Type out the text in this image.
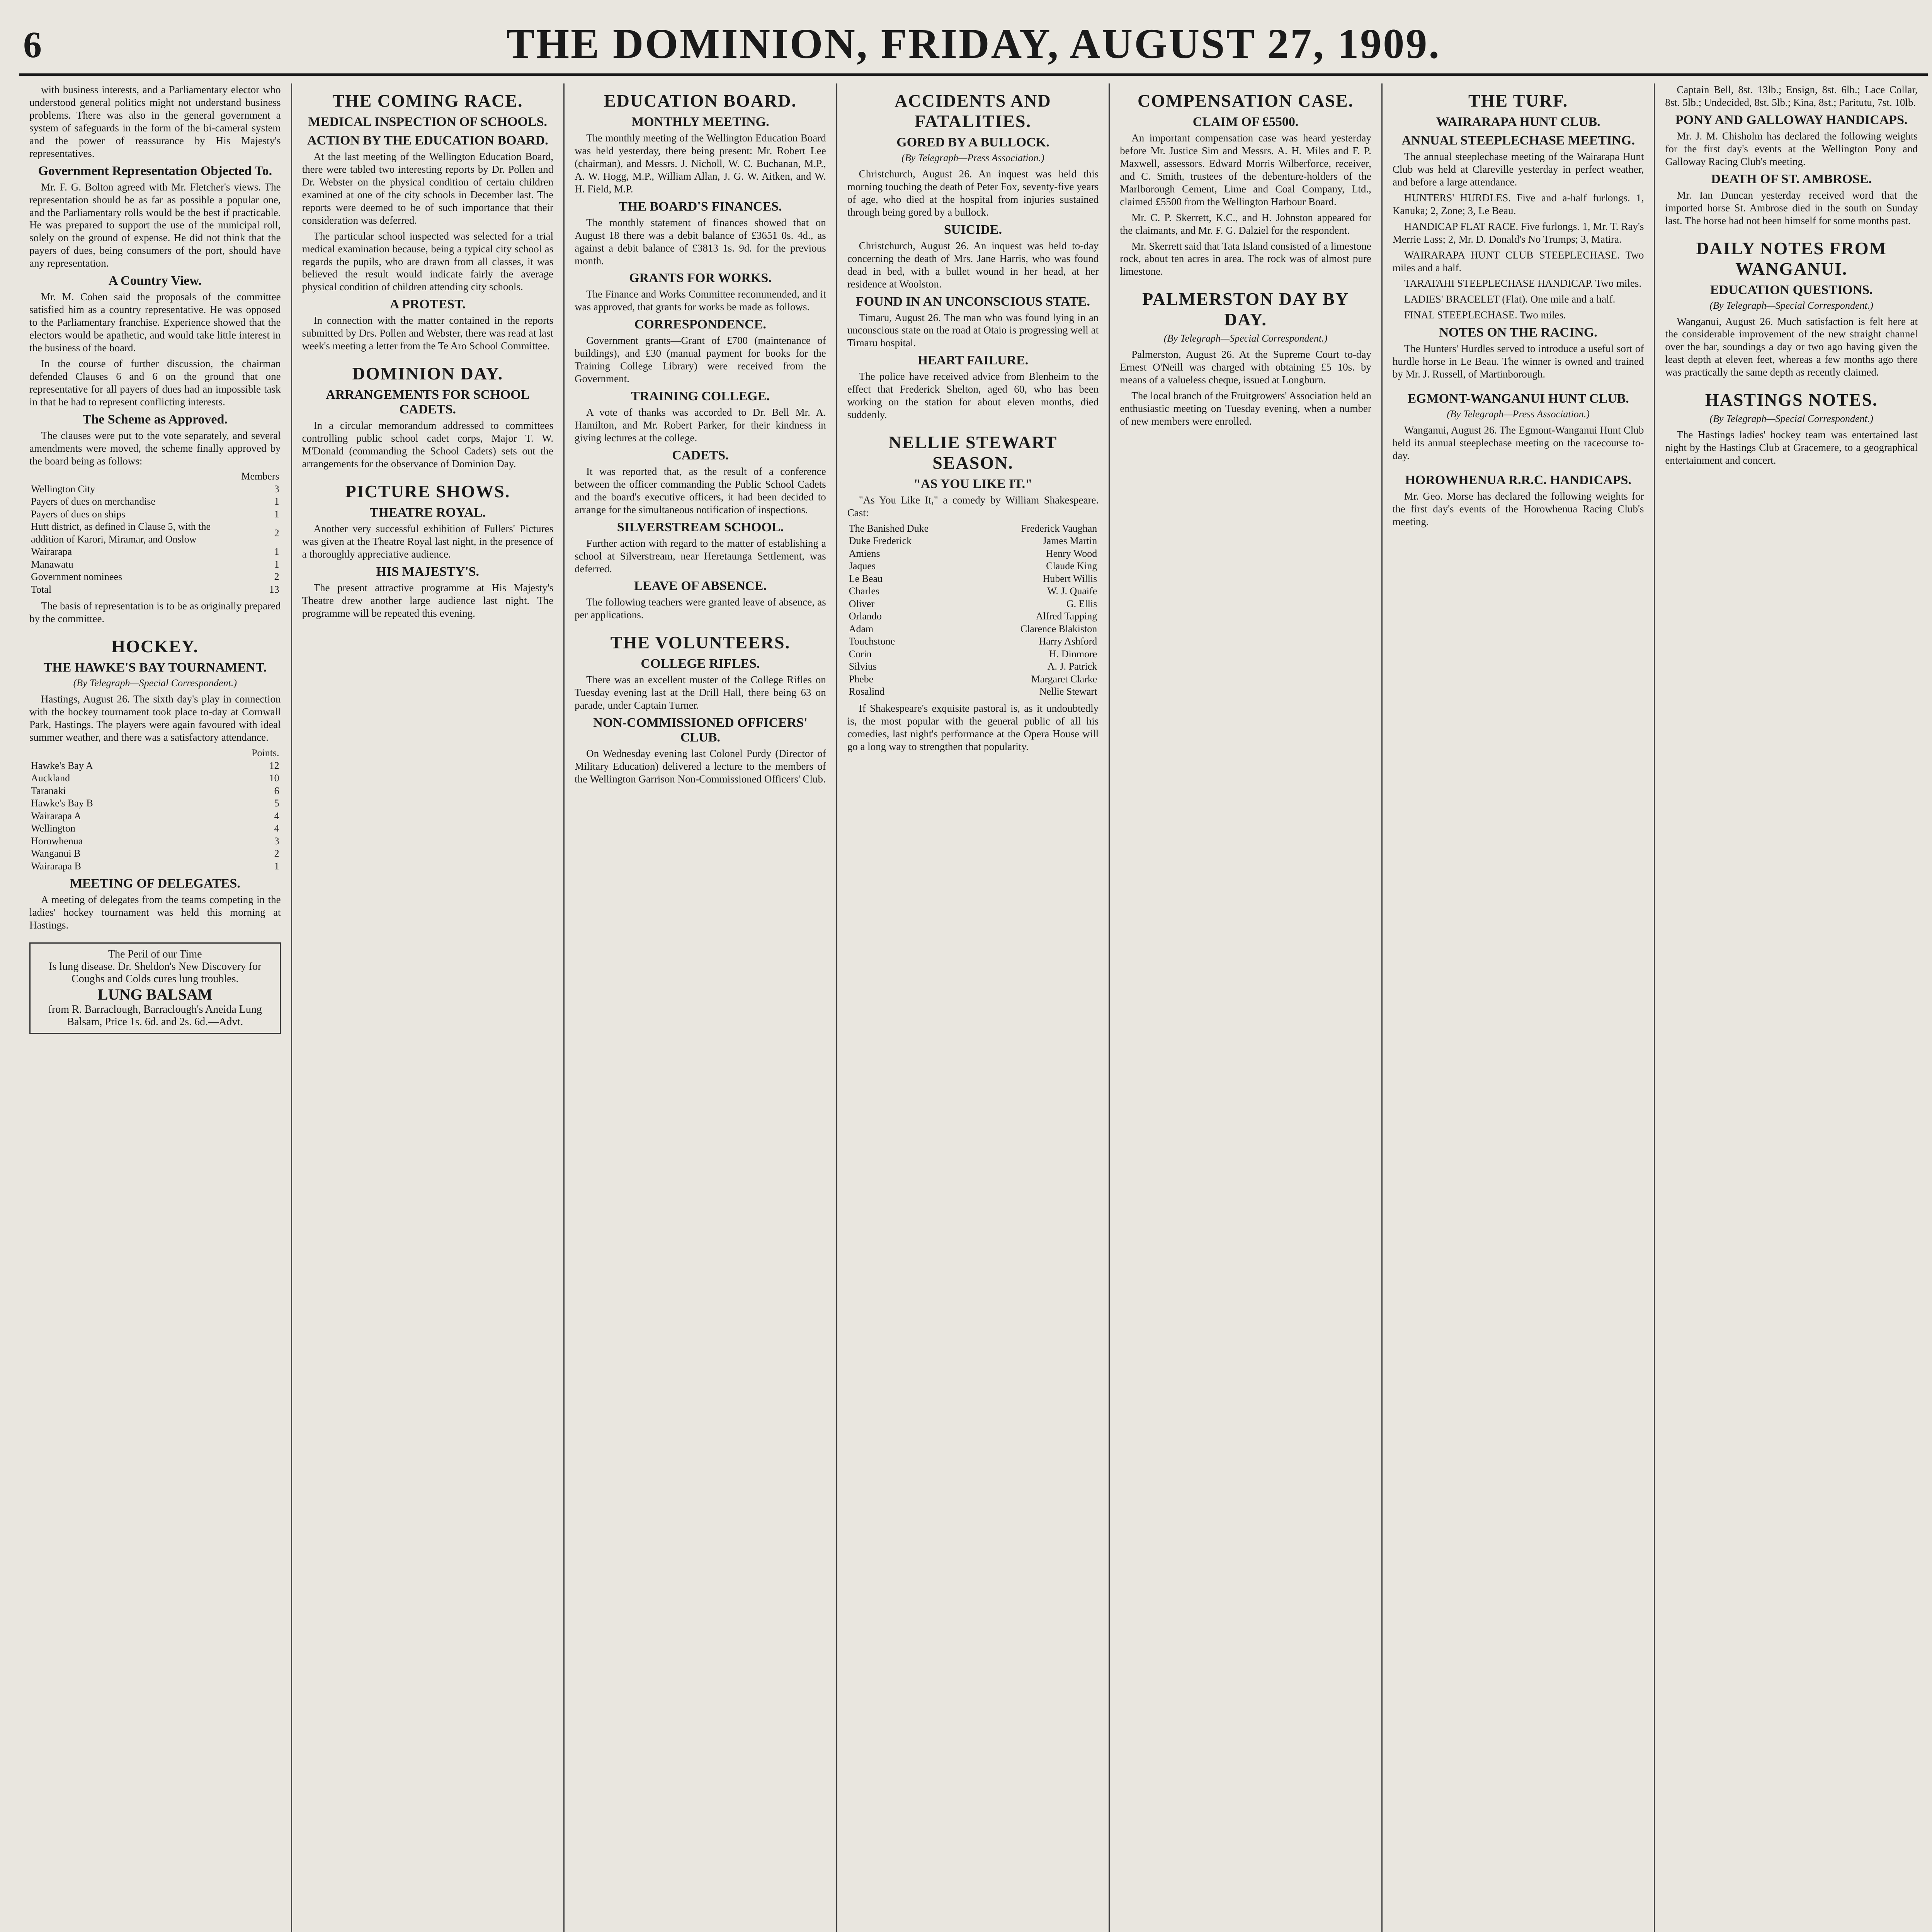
6	THE DOMINION, FRIDAY, AUGUST 27, 1909.

with business interests, and a Parliamentary elector who understood general politics might not understand business problems. There was also in the general government a system of safeguards in the form of the bi-cameral system and the power of reassurance by His Majesty's representatives.

Government Representation Objected To.

Mr. F. G. Bolton agreed with Mr. Fletcher's views. The representation should be as far as possible a popular one, and the Parliamentary rolls would be the best if practicable. He was prepared to support the use of the municipal roll, solely on the ground of expense. He did not think that the payers of dues, being consumers of the port, should have any representation.

A Country View.

Mr. M. Cohen said the proposals of the committee satisfied him as a country representative. He was opposed to the Parliamentary franchise. Experience showed that the electors would be apathetic, and would take little interest in the business of the board.

In the course of further discussion, the chairman defended Clauses 6 and 6 on the ground that one representative for all payers of dues had an impossible task in that he had to represent conflicting interests.

The Scheme as Approved.

The clauses were put to the vote separately, and several amendments were moved, the scheme finally approved by the board being as follows:

	Members
Wellington City	3
Payers of dues on merchandise	1
Payers of dues on ships	1
Hutt district, as defined in Clause 5, with the addition of Karori, Miramar, and Onslow	2
Wairarapa	1
Manawatu	1
Government nominees	2
Total	13

The basis of representation is to be as originally prepared by the committee.

HOCKEY.
THE HAWKE'S BAY TOURNAMENT.
(By Telegraph—Special Correspondent.)

Hastings, August 26. The sixth day's play in connection with the hockey tournament took place to-day at Cornwall Park, Hastings. The players were again favoured with ideal summer weather, and there was a satisfactory attendance.

	Points.
Hawke's Bay A	12
Auckland	10
Taranaki	6
Hawke's Bay B	5
Wairarapa A	4
Wellington	4
Horowhenua	3
Wanganui B	2
Wairarapa B	1
MEETING OF DELEGATES.

A meeting of delegates from the teams competing in the ladies' hockey tournament was held this morning at Hastings.

The Peril of our Time
Is lung disease. Dr. Sheldon's New Discovery for Coughs and Colds cures lung troubles.
LUNG BALSAM
from R. Barraclough, Barraclough's Aneida Lung Balsam, Price 1s. 6d. and 2s. 6d.—Advt.
THE COMING RACE.
MEDICAL INSPECTION OF SCHOOLS.
ACTION BY THE EDUCATION BOARD.

At the last meeting of the Wellington Education Board, there were tabled two interesting reports by Dr. Pollen and Dr. Webster on the physical condition of certain children examined at one of the city schools in December last. The reports were deemed to be of such importance that their consideration was deferred.

The particular school inspected was selected for a trial medical examination because, being a typical city school as regards the pupils, who are drawn from all classes, it was believed the result would indicate fairly the average physical condition of children attending city schools.

A PROTEST.

In connection with the matter contained in the reports submitted by Drs. Pollen and Webster, there was read at last week's meeting a letter from the Te Aro School Committee.

DOMINION DAY.
ARRANGEMENTS FOR SCHOOL CADETS.

In a circular memorandum addressed to committees controlling public school cadet corps, Major T. W. M'Donald (commanding the School Cadets) sets out the arrangements for the observance of Dominion Day.

PICTURE SHOWS.
THEATRE ROYAL.

Another very successful exhibition of Fullers' Pictures was given at the Theatre Royal last night, in the presence of a thoroughly appreciative audience.

HIS MAJESTY'S.

The present attractive programme at His Majesty's Theatre drew another large audience last night. The programme will be repeated this evening.

EDUCATION BOARD.
MONTHLY MEETING.

The monthly meeting of the Wellington Education Board was held yesterday, there being present: Mr. Robert Lee (chairman), and Messrs. J. Nicholl, W. C. Buchanan, M.P., A. W. Hogg, M.P., William Allan, J. G. W. Aitken, and W. H. Field, M.P.

THE BOARD'S FINANCES.

The monthly statement of finances showed that on August 18 there was a debit balance of £3651 0s. 4d., as against a debit balance of £3813 1s. 9d. for the previous month.

GRANTS FOR WORKS.

The Finance and Works Committee recommended, and it was approved, that grants for works be made as follows.

CORRESPONDENCE.

Government grants—Grant of £700 (maintenance of buildings), and £30 (manual payment for books for the Training College Library) were received from the Government.

TRAINING COLLEGE.

A vote of thanks was accorded to Dr. Bell Mr. A. Hamilton, and Mr. Robert Parker, for their kindness in giving lectures at the college.

CADETS.

It was reported that, as the result of a conference between the officer commanding the Public School Cadets and the board's executive officers, it had been decided to arrange for the simultaneous notification of inspections.

SILVERSTREAM SCHOOL.

Further action with regard to the matter of establishing a school at Silverstream, near Heretaunga Settlement, was deferred.

LEAVE OF ABSENCE.

The following teachers were granted leave of absence, as per applications.

THE VOLUNTEERS.
COLLEGE RIFLES.

There was an excellent muster of the College Rifles on Tuesday evening last at the Drill Hall, there being 63 on parade, under Captain Turner.

NON-COMMISSIONED OFFICERS' CLUB.

On Wednesday evening last Colonel Purdy (Director of Military Education) delivered a lecture to the members of the Wellington Garrison Non-Commissioned Officers' Club.

ACCIDENTS AND FATALITIES.
GORED BY A BULLOCK.
(By Telegraph—Press Association.)

Christchurch, August 26. An inquest was held this morning touching the death of Peter Fox, seventy-five years of age, who died at the hospital from injuries sustained through being gored by a bullock.

SUICIDE.

Christchurch, August 26. An inquest was held to-day concerning the death of Mrs. Jane Harris, who was found dead in bed, with a bullet wound in her head, at her residence at Woolston.

FOUND IN AN UNCONSCIOUS STATE.

Timaru, August 26. The man who was found lying in an unconscious state on the road at Otaio is progressing well at Timaru hospital.

HEART FAILURE.

The police have received advice from Blenheim to the effect that Frederick Shelton, aged 60, who has been working on the station for about eleven months, died suddenly.

NELLIE STEWART SEASON.
"AS YOU LIKE IT."

"As You Like It," a comedy by William Shakespeare. Cast:

The Banished Duke	Frederick Vaughan
Duke Frederick	James Martin
Amiens	Henry Wood
Jaques	Claude King
Le Beau	Hubert Willis
Charles	W. J. Quaife
Oliver	G. Ellis
Orlando	Alfred Tapping
Adam	Clarence Blakiston
Touchstone	Harry Ashford
Corin	H. Dinmore
Silvius	A. J. Patrick
Phebe	Margaret Clarke
Rosalind	Nellie Stewart

If Shakespeare's exquisite pastoral is, as it undoubtedly is, the most popular with the general public of all his comedies, last night's performance at the Opera House will go a long way to strengthen that popularity.

COMPENSATION CASE.
CLAIM OF £5500.

An important compensation case was heard yesterday before Mr. Justice Sim and Messrs. A. H. Miles and F. P. Maxwell, assessors. Edward Morris Wilberforce, receiver, and C. Smith, trustees of the debenture-holders of the Marlborough Cement, Lime and Coal Company, Ltd., claimed £5500 from the Wellington Harbour Board.

Mr. C. P. Skerrett, K.C., and H. Johnston appeared for the claimants, and Mr. F. G. Dalziel for the respondent.

Mr. Skerrett said that Tata Island consisted of a limestone rock, about ten acres in area. The rock was of almost pure limestone.

PALMERSTON DAY BY DAY.
(By Telegraph—Special Correspondent.)

Palmerston, August 26. At the Supreme Court to-day Ernest O'Neill was charged with obtaining £5 10s. by means of a valueless cheque, issued at Longburn.

The local branch of the Fruitgrowers' Association held an enthusiastic meeting on Tuesday evening, when a number of new members were enrolled.

THE TURF.
WAIRARAPA HUNT CLUB.
ANNUAL STEEPLECHASE MEETING.

The annual steeplechase meeting of the Wairarapa Hunt Club was held at Clareville yesterday in perfect weather, and before a large attendance.

HUNTERS' HURDLES. Five and a-half furlongs. 1, Kanuka; 2, Zone; 3, Le Beau.

HANDICAP FLAT RACE. Five furlongs. 1, Mr. T. Ray's Merrie Lass; 2, Mr. D. Donald's No Trumps; 3, Matira.

WAIRARAPA HUNT CLUB STEEPLECHASE. Two miles and a half.

TARATAHI STEEPLECHASE HANDICAP. Two miles.

LADIES' BRACELET (Flat). One mile and a half.

FINAL STEEPLECHASE. Two miles.

NOTES ON THE RACING.

The Hunters' Hurdles served to introduce a useful sort of hurdle horse in Le Beau. The winner is owned and trained by Mr. J. Russell, of Martinborough.

EGMONT-WANGANUI HUNT CLUB.
(By Telegraph—Press Association.)

Wanganui, August 26. The Egmont-Wanganui Hunt Club held its annual steeplechase meeting on the racecourse to-day.

HOROWHENUA R.R.C. HANDICAPS.

Mr. Geo. Morse has declared the following weights for the first day's events of the Horowhenua Racing Club's meeting.

Captain Bell, 8st. 13lb.; Ensign, 8st. 6lb.; Lace Collar, 8st. 5lb.; Undecided, 8st. 5lb.; Kina, 8st.; Paritutu, 7st. 10lb.

PONY AND GALLOWAY HANDICAPS.

Mr. J. M. Chisholm has declared the following weights for the first day's events at the Wellington Pony and Galloway Racing Club's meeting.

DEATH OF ST. AMBROSE.

Mr. Ian Duncan yesterday received word that the imported horse St. Ambrose died in the south on Sunday last. The horse had not been himself for some months past.

DAILY NOTES FROM WANGANUI.
EDUCATION QUESTIONS.
(By Telegraph—Special Correspondent.)

Wanganui, August 26. Much satisfaction is felt here at the considerable improvement of the new straight channel over the bar, soundings a day or two ago having given the least depth at eleven feet, whereas a few months ago there was practically the same depth as recently claimed.

HASTINGS NOTES.
(By Telegraph—Special Correspondent.)

The Hastings ladies' hockey team was entertained last night by the Hastings Club at Gracemere, to a geographical entertainment and concert.
